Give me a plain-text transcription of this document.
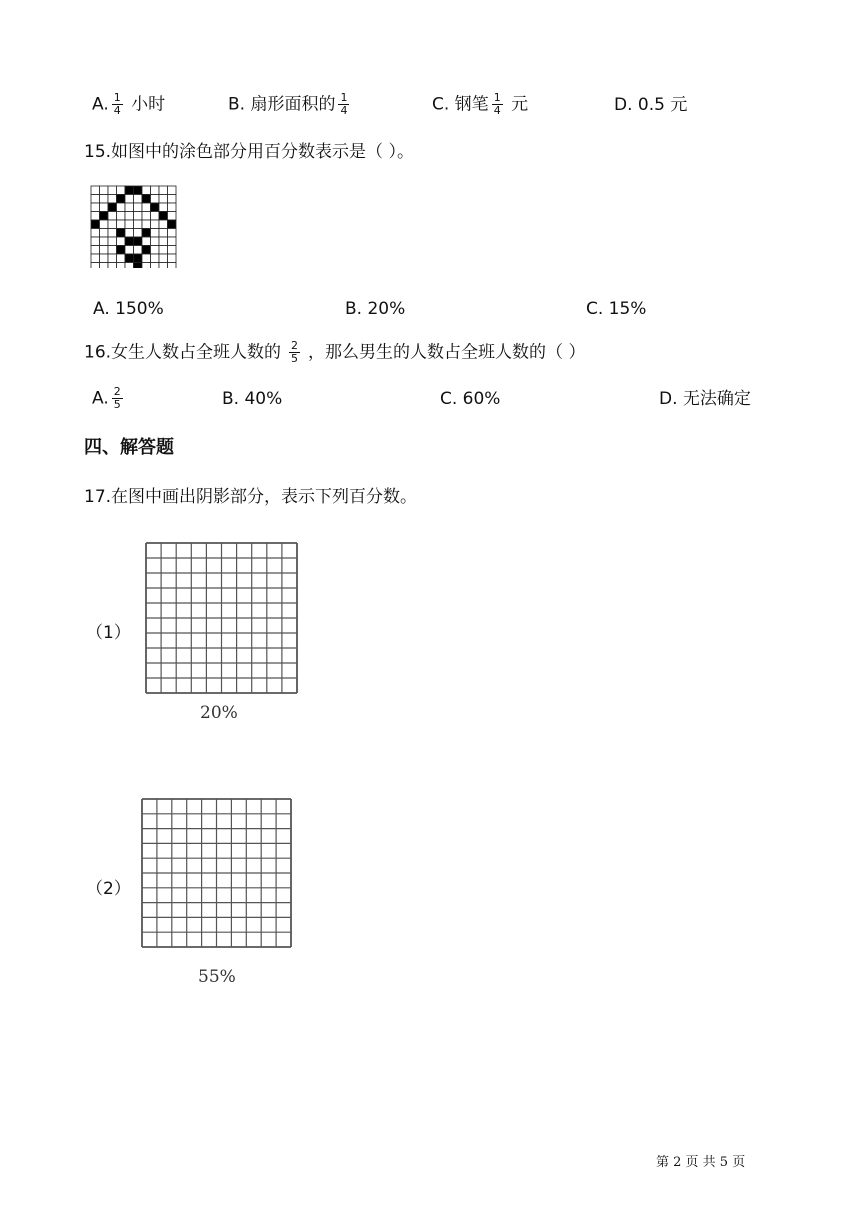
A. $\frac{1}{4}$ 小时	B. 扇形面积的 $\frac{1}{4}$	C. 钢笔 $\frac{1}{4}$ 元	D. 0.5 元
15.如图中的涂色部分用百分数表示是（ ）。
A. 150%	B. 20%	C. 15%
16.女生人数占全班人数的 $\frac{2}{5}$ ，那么男生的人数占全班人数的（ ）
A. $\frac{2}{5}$	B. 40%	C. 60%	D. 无法确定
四、解答题
17.在图中画出阴影部分，表示下列百分数。
（1）
20%
（2）
55%
第 2 页 共 5 页
